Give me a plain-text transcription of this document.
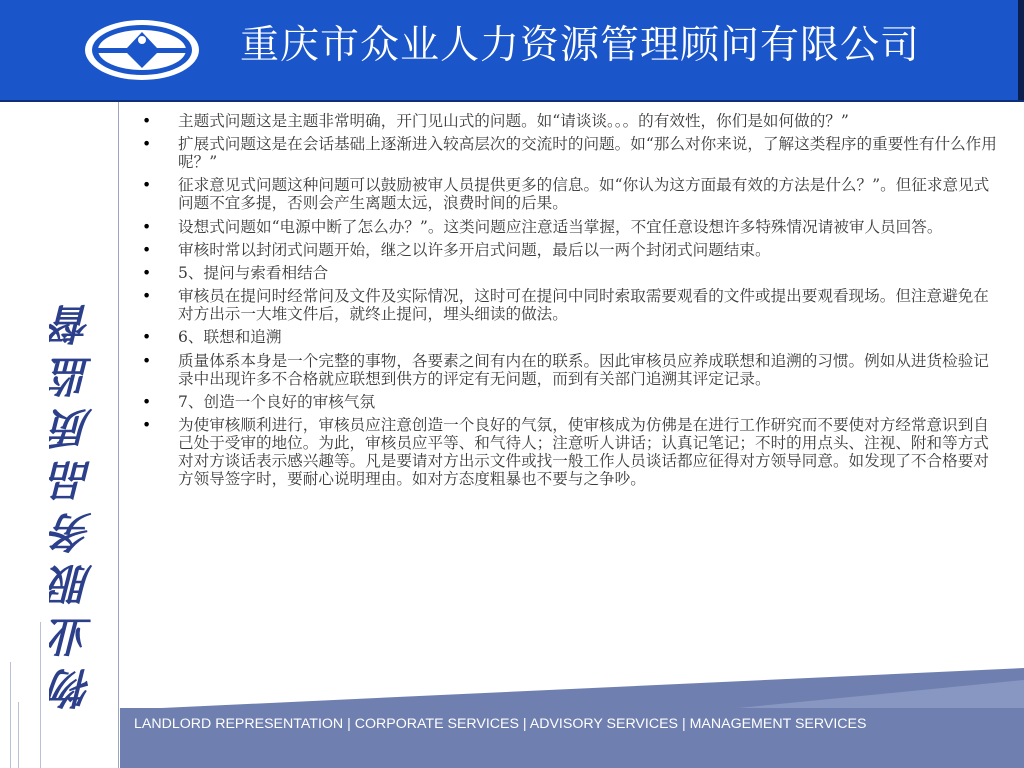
重庆市众业人力资源管理顾问有限公司
物业服务品质监督
• 主题式问题这是主题非常明确，开门见山式的问题。如“请谈谈。。。的有效性，你们是如何做的？”
• 扩展式问题这是在会话基础上逐渐进入较高层次的交流时的问题。如“那么对你来说，了解这类程序的重要性有什么作用呢？”
• 征求意见式问题这种问题可以鼓励被审人员提供更多的信息。如“你认为这方面最有效的方法是什么？”。但征求意见式问题不宜多提，否则会产生离题太远，浪费时间的后果。
• 设想式问题如“电源中断了怎么办？”。这类问题应注意适当掌握，不宜任意设想许多特殊情况请被审人员回答。
• 审核时常以封闭式问题开始，继之以许多开启式问题，最后以一两个封闭式问题结束。
• 5、提问与索看相结合
• 审核员在提问时经常问及文件及实际情况，这时可在提问中同时索取需要观看的文件或提出要观看现场。但注意避免在对方出示一大堆文件后，就终止提问，埋头细读的做法。
• 6、联想和追溯
• 质量体系本身是一个完整的事物，各要素之间有内在的联系。因此审核员应养成联想和追溯的习惯。例如从进货检验记录中出现许多不合格就应联想到供方的评定有无问题，而到有关部门追溯其评定记录。
• 7、创造一个良好的审核气氛
• 为使审核顺利进行，审核员应注意创造一个良好的气氛，使审核成为仿佛是在进行工作研究而不要使对方经常意识到自己处于受审的地位。为此，审核员应平等、和气待人；注意听人讲话；认真记笔记；不时的用点头、注视、附和等方式对对方谈话表示感兴趣等。凡是要请对方出示文件或找一般工作人员谈话都应征得对方领导同意。如发现了不合格要对方领导签字时，要耐心说明理由。如对方态度粗暴也不要与之争吵。
LANDLORD REPRESENTATION | CORPORATE SERVICES | ADVISORY SERVICES | MANAGEMENT SERVICES
